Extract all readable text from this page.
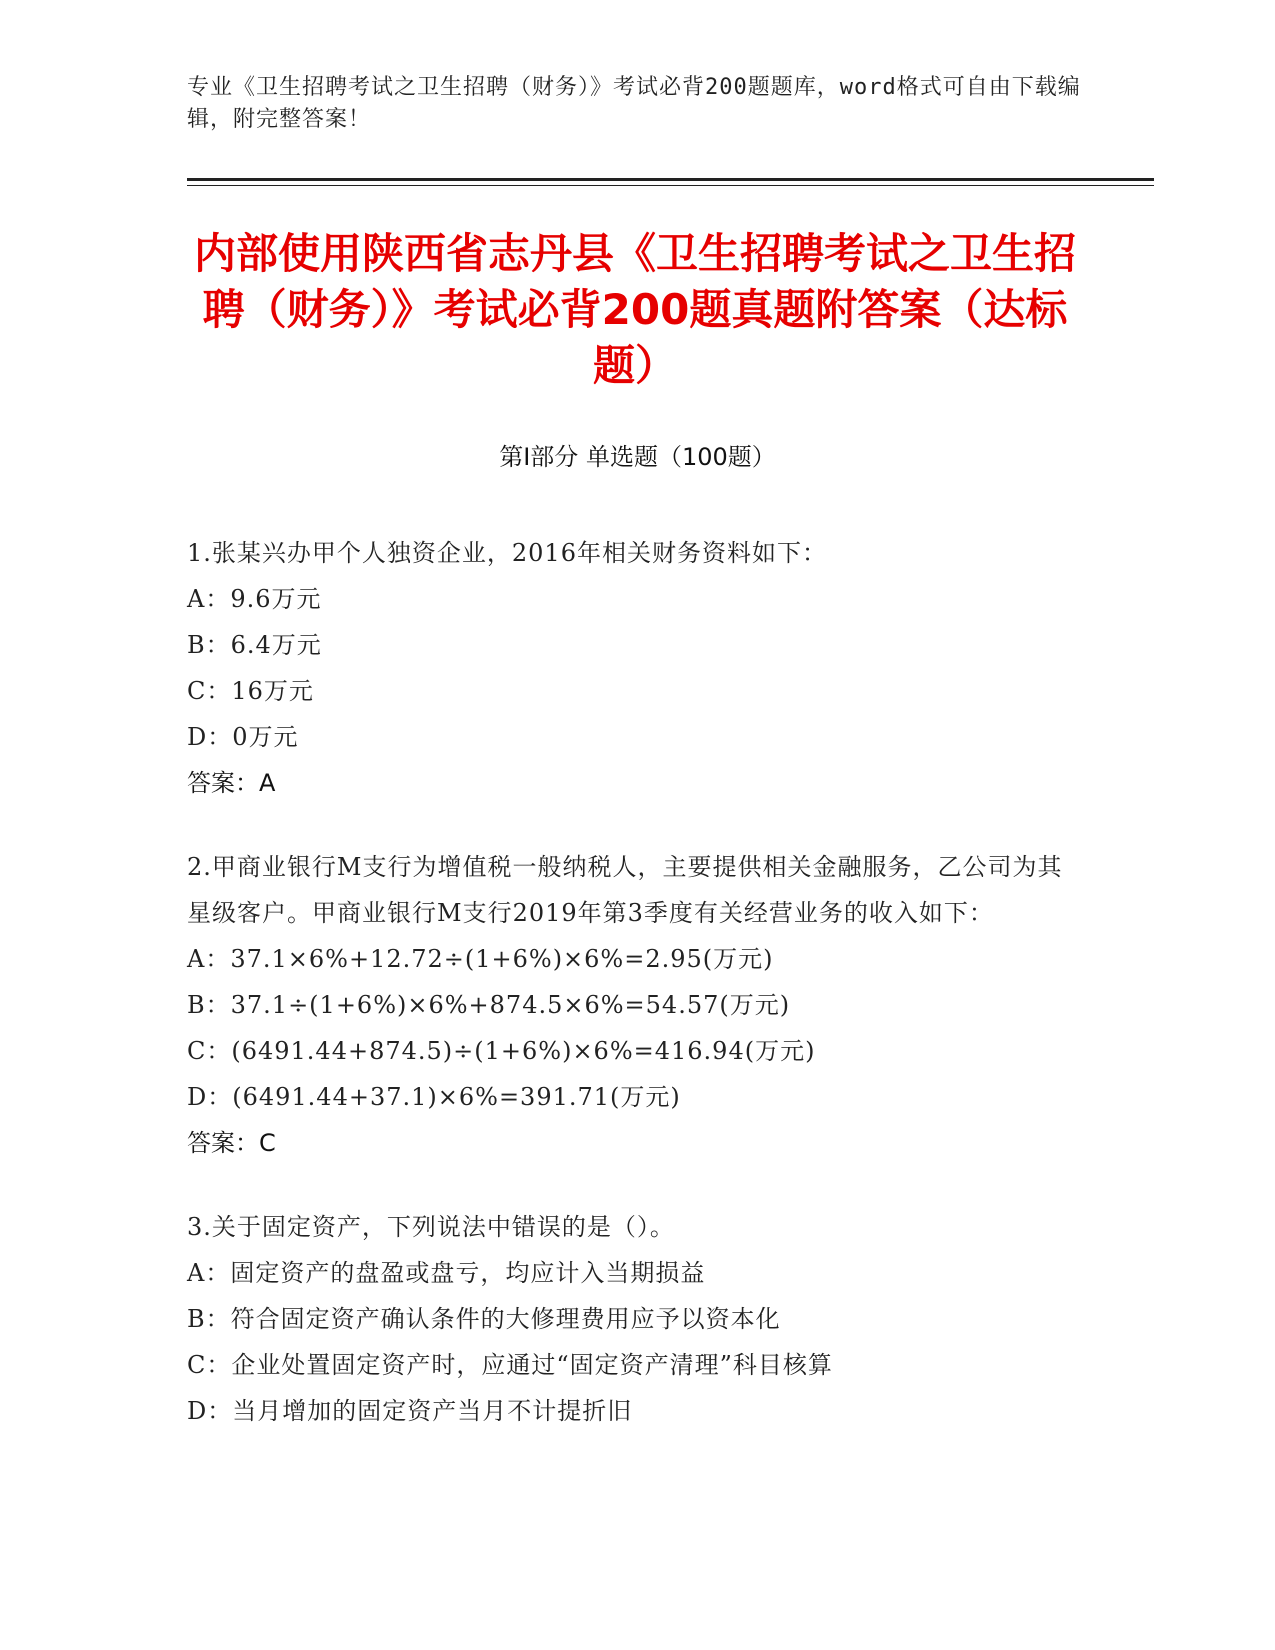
专业《卫生招聘考试之卫生招聘（财务）》考试必背200题题库，word格式可自由下载编辑，附完整答案！
内部使用陕西省志丹县《卫生招聘考试之卫生招聘（财务）》考试必背200题真题附答案（达标题）
第Ⅰ部分 单选题（100题）
1.张某兴办甲个人独资企业，2016年相关财务资料如下：
A：9.6万元
B：6.4万元
C：16万元
D：0万元
答案：A
2.甲商业银行M支行为增值税一般纳税人，主要提供相关金融服务，乙公司为其星级客户。甲商业银行M支行2019年第3季度有关经营业务的收入如下：
A：37.1×6%+12.72÷(1+6%)×6%=2.95(万元)
B：37.1÷(1+6%)×6%+874.5×6%=54.57(万元)
C：(6491.44+874.5)÷(1+6%)×6%=416.94(万元)
D：(6491.44+37.1)×6%=391.71(万元)
答案：C
3.关于固定资产，下列说法中错误的是（）。
A：固定资产的盘盈或盘亏，均应计入当期损益
B：符合固定资产确认条件的大修理费用应予以资本化
C：企业处置固定资产时，应通过“固定资产清理”科目核算
D：当月增加的固定资产当月不计提折旧
